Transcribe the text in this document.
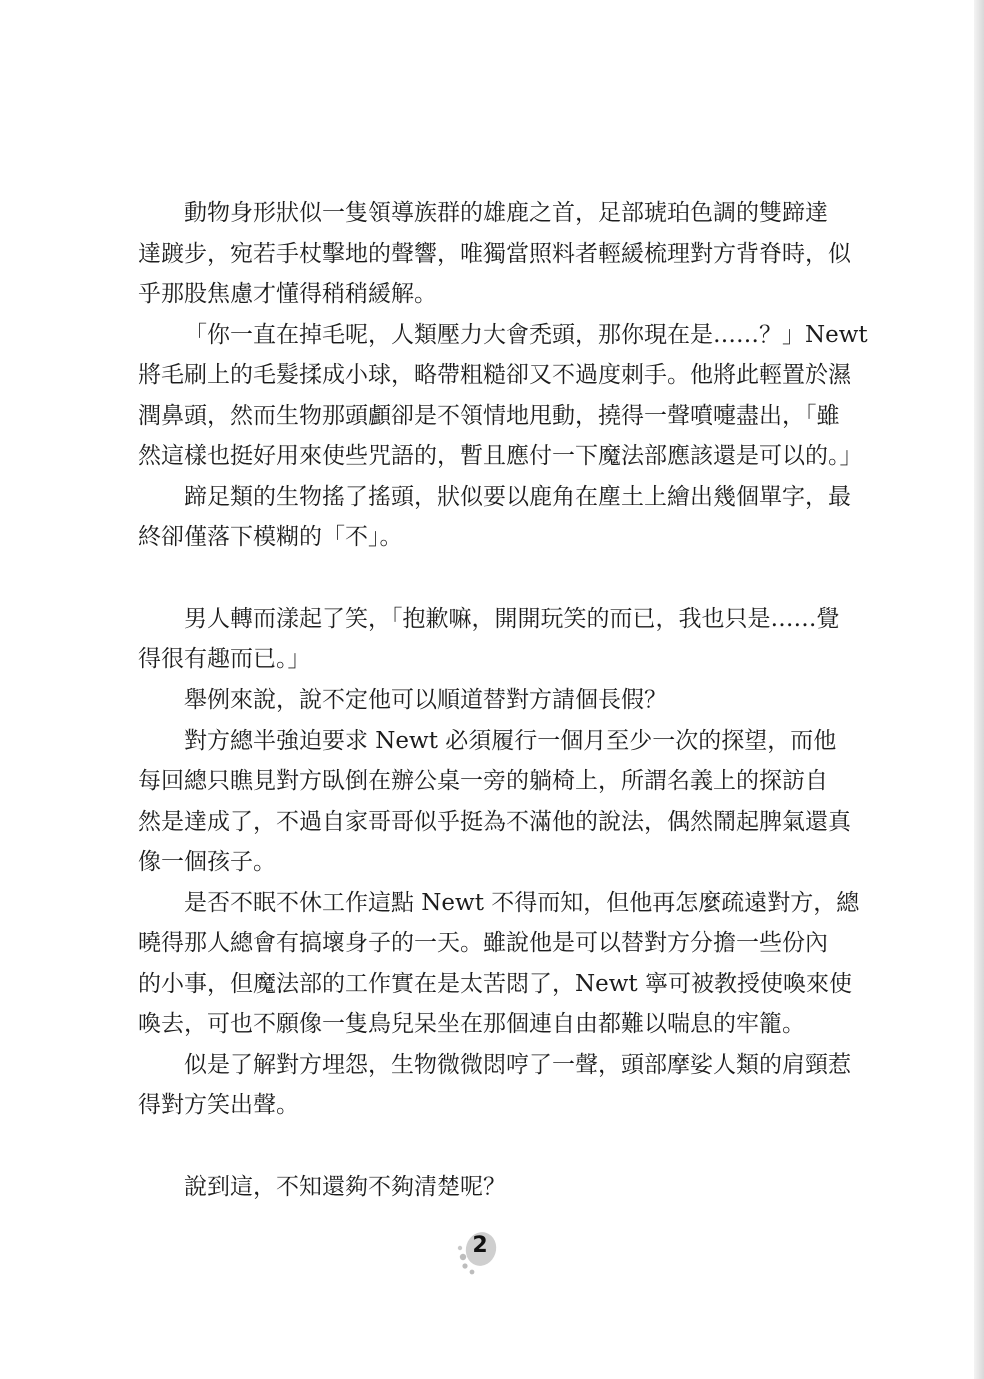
動物身形狀似一隻領導族群的雄鹿之首，足部琥珀色調的雙蹄達
達踱步，宛若手杖擊地的聲響，唯獨當照料者輕緩梳理對方背脊時，似
乎那股焦慮才懂得稍稍緩解。
「你一直在掉毛呢，人類壓力大會禿頭，那你現在是……？」Newt
將毛刷上的毛髮揉成小球，略帶粗糙卻又不過度刺手。他將此輕置於濕
潤鼻頭，然而生物那頭顱卻是不領情地甩動，撓得一聲噴嚏盡出，「雖
然這樣也挺好用來使些咒語的，暫且應付一下魔法部應該還是可以的。」
蹄足類的生物搖了搖頭，狀似要以鹿角在塵土上繪出幾個單字，最
終卻僅落下模糊的「不」。
男人轉而漾起了笑，「抱歉嘛，開開玩笑的而已，我也只是……覺
得很有趣而已。」
舉例來說，說不定他可以順道替對方請個長假？
對方總半強迫要求 Newt 必須履行一個月至少一次的探望，而他
每回總只瞧見對方臥倒在辦公桌一旁的躺椅上，所謂名義上的探訪自
然是達成了，不過自家哥哥似乎挺為不滿他的說法，偶然鬧起脾氣還真
像一個孩子。
是否不眠不休工作這點 Newt 不得而知，但他再怎麼疏遠對方，總
曉得那人總會有搞壞身子的一天。雖說他是可以替對方分擔一些份內
的小事，但魔法部的工作實在是太苦悶了，Newt 寧可被教授使喚來使
喚去，可也不願像一隻鳥兒呆坐在那個連自由都難以喘息的牢籠。
似是了解對方埋怨，生物微微悶哼了一聲，頭部摩娑人類的肩頸惹
得對方笑出聲。
說到這，不知還夠不夠清楚呢？
2
